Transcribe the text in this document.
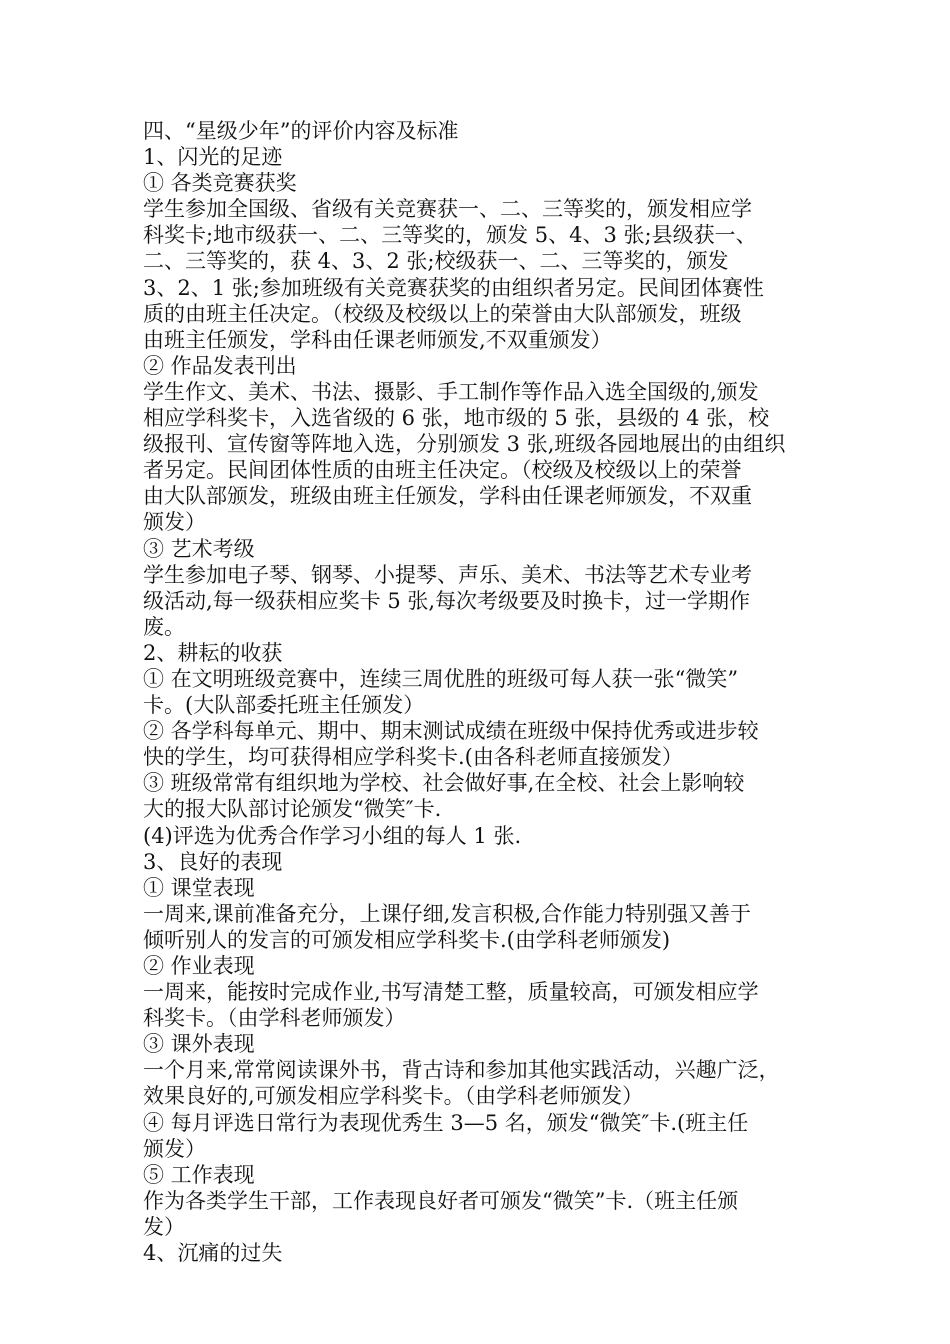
四、“星级少年”的评价内容及标准
1、闪光的足迹
① 各类竞赛获奖
学生参加全国级、省级有关竞赛获一、二、三等奖的，颁发相应学
科奖卡;地市级获一、二、三等奖的，颁发 5、4、3 张;县级获一、
二、三等奖的，获 4、3、2 张;校级获一、二、三等奖的，颁发
3、2、1 张;参加班级有关竞赛获奖的由组织者另定。民间团体赛性
质的由班主任决定。（校级及校级以上的荣誉由大队部颁发，班级
由班主任颁发，学科由任课老师颁发,不双重颁发）
② 作品发表刊出
学生作文、美术、书法、摄影、手工制作等作品入选全国级的,颁发
相应学科奖卡，入选省级的 6 张，地市级的 5 张，县级的 4 张，校
级报刊、宣传窗等阵地入选，分别颁发 3 张,班级各园地展出的由组织
者另定。民间团体性质的由班主任决定。（校级及校级以上的荣誉
由大队部颁发，班级由班主任颁发，学科由任课老师颁发，不双重
颁发）
③ 艺术考级
学生参加电子琴、钢琴、小提琴、声乐、美术、书法等艺术专业考
级活动,每一级获相应奖卡 5 张,每次考级要及时换卡，过一学期作
废。
2、耕耘的收获
① 在文明班级竞赛中，连续三周优胜的班级可每人获一张“微笑”
卡。(大队部委托班主任颁发）
② 各学科每单元、期中、期末测试成绩在班级中保持优秀或进步较
快的学生，均可获得相应学科奖卡.(由各科老师直接颁发）
③ 班级常常有组织地为学校、社会做好事,在全校、社会上影响较
大的报大队部讨论颁发“微笑″卡.
(4)评选为优秀合作学习小组的每人 1 张.
3、良好的表现
① 课堂表现
一周来,课前准备充分，上课仔细,发言积极,合作能力特别强又善于
倾听别人的发言的可颁发相应学科奖卡.(由学科老师颁发)
② 作业表现
一周来，能按时完成作业,书写清楚工整，质量较高，可颁发相应学
科奖卡。（由学科老师颁发）
③ 课外表现
一个月来,常常阅读课外书，背古诗和参加其他实践活动，兴趣广泛，
效果良好的,可颁发相应学科奖卡。（由学科老师颁发）
④ 每月评选日常行为表现优秀生 3—5 名，颁发“微笑″卡.(班主任
颁发）
⑤ 工作表现
作为各类学生干部，工作表现良好者可颁发“微笑”卡.（班主任颁
发）
4、沉痛的过失
